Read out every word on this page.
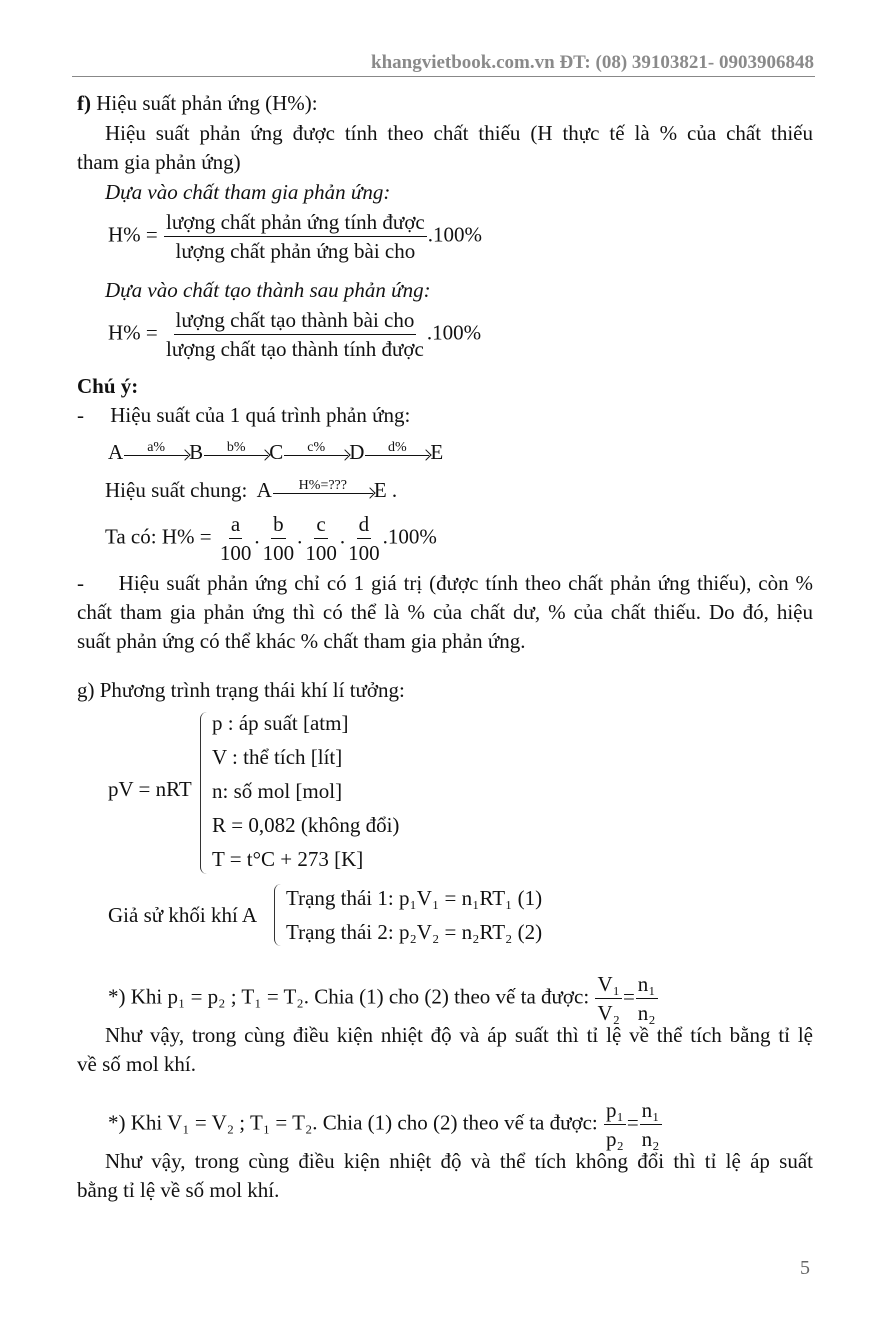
khangvietbook.com.vn ĐT: (08) 39103821- 0903906848
f) Hiệu suất phản ứng (H%):
Hiệu suất phản ứng được tính theo chất thiếu (H thực tế là % của chất thiếu
tham gia phản ứng)
Dựa vào chất tham gia phản ứng:
$H\% = \frac{\text{lượng chất phản ứng tính được}}{\text{lượng chất phản ứng bài cho}} .100\%$
Dựa vào chất tạo thành sau phản ứng:
$H\% = \frac{\text{lượng chất tạo thành bài cho}}{\text{lượng chất tạo thành tính được}} .100\%$
Chú ý:
-     Hiệu suất của 1 quá trình phản ứng:
A a% B b% C c% D d% E
Hiệu suất chung: A H%=??? E .
Ta có: $H\% = \frac{a}{100}$ . $\frac{b}{100}$ . $\frac{c}{100}$ . $\frac{d}{100} .100\%$
-     Hiệu suất phản ứng chỉ có 1 giá trị (được tính theo chất phản ứng thiếu), còn %
chất tham gia phản ứng thì có thể là % của chất dư, % của chất thiếu. Do đó, hiệu
suất phản ứng có thể khác % chất tham gia phản ứng.
g) Phương trình trạng thái khí lí tưởng:
pV = nRT
p : áp suất [atm]
V : thể tích [lít]
n: số mol [mol]
R = 0,082 (không đổi)
T = t°C + 273 [K]
Giả sử khối khí A
Trạng thái 1: p₁V₁ = n₁RT₁ (1)
Trạng thái 2: p₂V₂ = n₂RT₂ (2)
*) Khi p₁ = p₂ ; T₁ = T₂. Chia (1) cho (2) theo vế ta được: $\frac{\text{V₁}}{\text{V₂}} = \frac{\text{n₁}}{\text{n₂}}$
Như vậy, trong cùng điều kiện nhiệt độ và áp suất thì tỉ lệ về thể tích bằng tỉ lệ
về số mol khí.
*) Khi V₁ = V₂ ; T₁ = T₂. Chia (1) cho (2) theo vế ta được: $\frac{\text{p₁}}{\text{p₂}} = \frac{\text{n₁}}{\text{n₂}}$
Như vậy, trong cùng điều kiện nhiệt độ và thể tích không đổi thì tỉ lệ áp suất
bằng tỉ lệ về số mol khí.
5
